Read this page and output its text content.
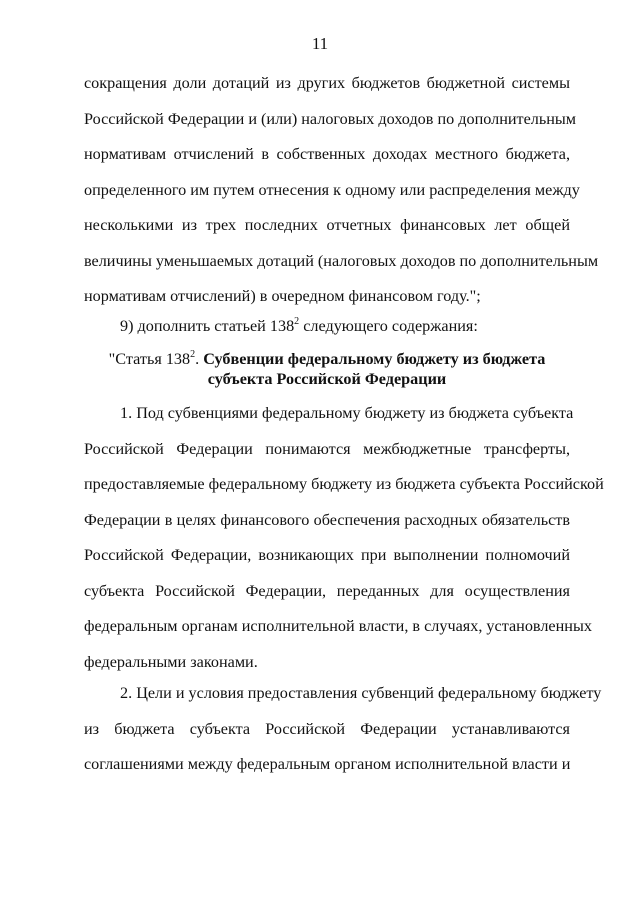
11
сокращения доли дотаций из других бюджетов бюджетной системы
Российской Федерации и (или) налоговых доходов по дополнительным
нормативам отчислений в собственных доходах местного бюджета,
определенного им путем отнесения к одному или распределения между
несколькими из трех последних отчетных финансовых лет общей
величины уменьшаемых дотаций (налоговых доходов по дополнительным
нормативам отчислений) в очередном финансовом году.";
9) дополнить статьей $138^2$ следующего содержания:
"Статья $138^2$. Субвенции федеральному бюджету из бюджета
субъекта Российской Федерации
1. Под субвенциями федеральному бюджету из бюджета субъекта
Российской Федерации понимаются межбюджетные трансферты,
предоставляемые федеральному бюджету из бюджета субъекта Российской
Федерации в целях финансового обеспечения расходных обязательств
Российской Федерации, возникающих при выполнении полномочий
субъекта Российской Федерации, переданных для осуществления
федеральным органам исполнительной власти, в случаях, установленных
федеральными законами.
2. Цели и условия предоставления субвенций федеральному бюджету
из бюджета субъекта Российской Федерации устанавливаются
соглашениями между федеральным органом исполнительной власти и
